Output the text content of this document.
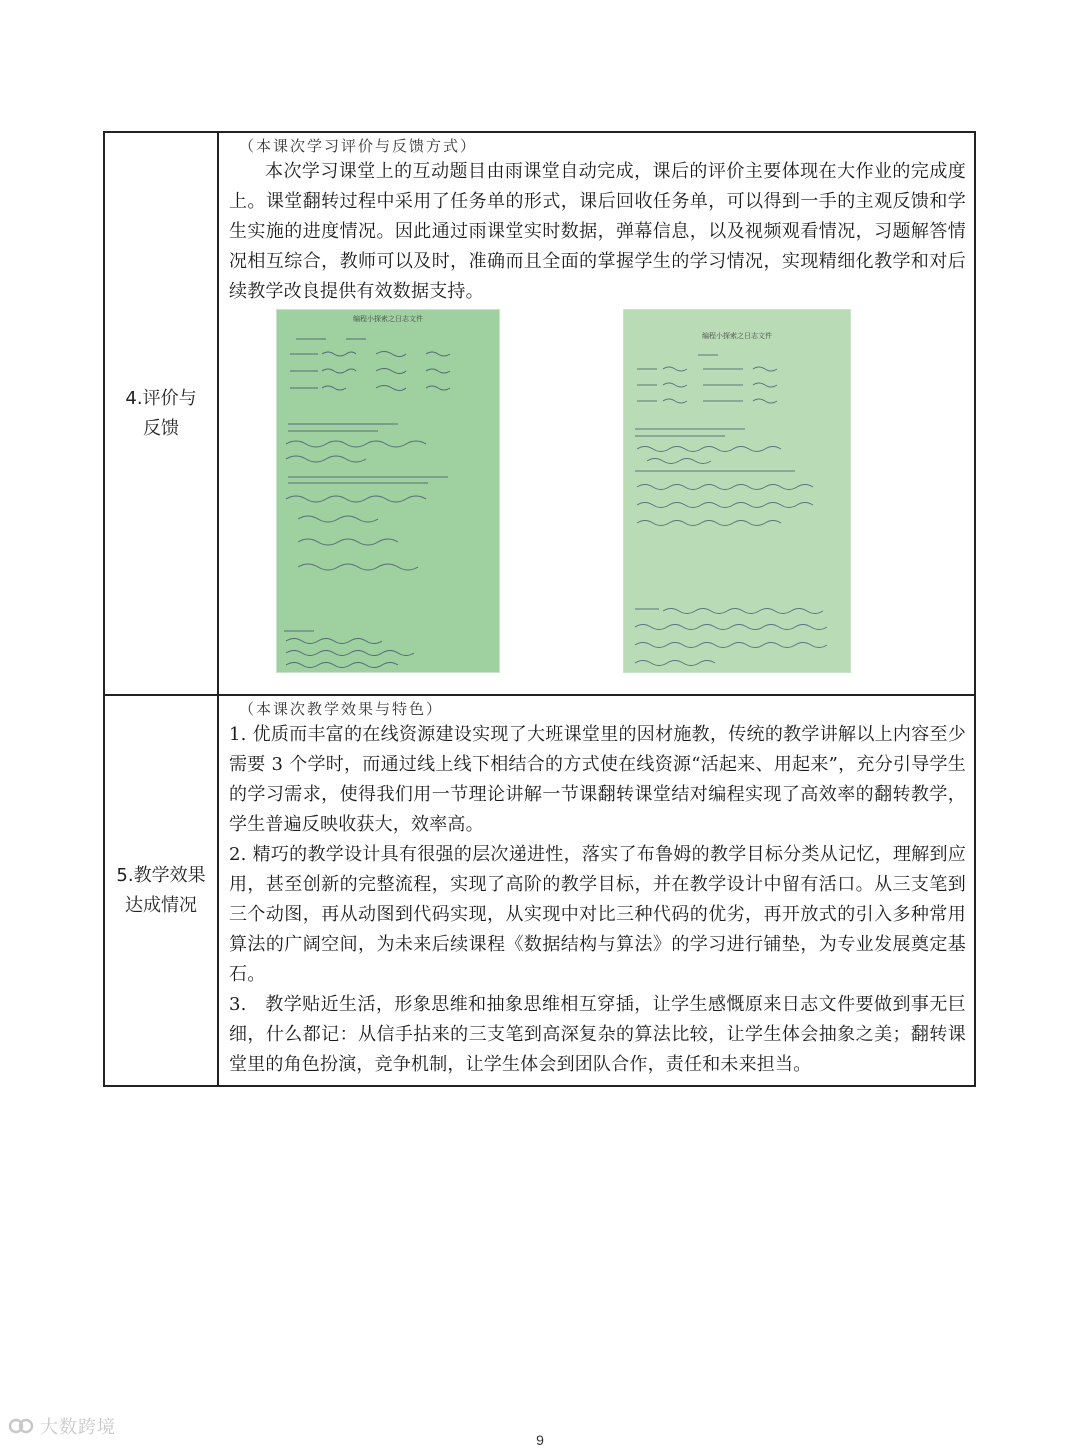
4.评价与
反馈
（本课次学习评价与反馈方式）
本次学习课堂上的互动题目由雨课堂自动完成，课后的评价主要体现在大作业的完成度上。课堂翻转过程中采用了任务单的形式，课后回收任务单，可以得到一手的主观反馈和学生实施的进度情况。因此通过雨课堂实时数据，弹幕信息，以及视频观看情况，习题解答情况相互综合，教师可以及时，准确而且全面的掌握学生的学习情况，实现精细化教学和对后续教学改良提供有效数据支持。
编程小探索之日志文件
编程小探索之日志文件
5.教学效果
达成情况
（本课次教学效果与特色）
1. 优质而丰富的在线资源建设实现了大班课堂里的因材施教，传统的教学讲解以上内容至少需要 3 个学时，而通过线上线下相结合的方式使在线资源“活起来、用起来”，充分引导学生的学习需求，使得我们用一节理论讲解一节课翻转课堂结对编程实现了高效率的翻转教学，学生普遍反映收获大，效率高。
2. 精巧的教学设计具有很强的层次递进性，落实了布鲁姆的教学目标分类从记忆，理解到应用，甚至创新的完整流程，实现了高阶的教学目标，并在教学设计中留有活口。从三支笔到三个动图，再从动图到代码实现，从实现中对比三种代码的优劣，再开放式的引入多种常用算法的广阔空间，为未来后续课程《数据结构与算法》的学习进行铺垫，为专业发展奠定基石。
3.　教学贴近生活，形象思维和抽象思维相互穿插，让学生感慨原来日志文件要做到事无巨细，什么都记：从信手拈来的三支笔到高深复杂的算法比较，让学生体会抽象之美；翻转课堂里的角色扮演，竞争机制，让学生体会到团队合作，责任和未来担当。
大数跨境
9
